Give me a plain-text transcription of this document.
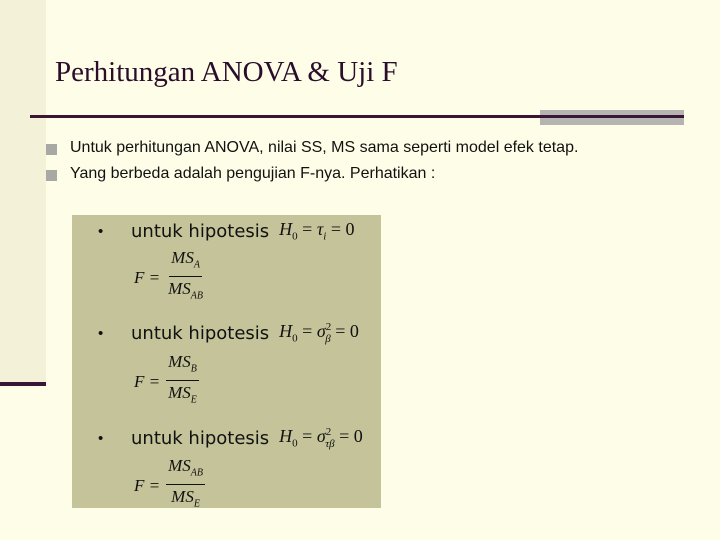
Perhitungan ANOVA & Uji F
Untuk perhitungan ANOVA, nilai SS, MS sama seperti model efek tetap.
Yang berbeda adalah pengujian F-nya. Perhatikan :
•	untuk hipotesis $H_0 = \tau_i = 0$
$F = \frac{MS_A}{MS_{AB}}$
•	untuk hipotesis $H_0 = \sigma^2_\beta = 0$
$F = \frac{MS_B}{MS_E}$
•	untuk hipotesis $H_0 = \sigma^2_{\tau\beta} = 0$
$F = \frac{MS_{AB}}{MS_E}$
